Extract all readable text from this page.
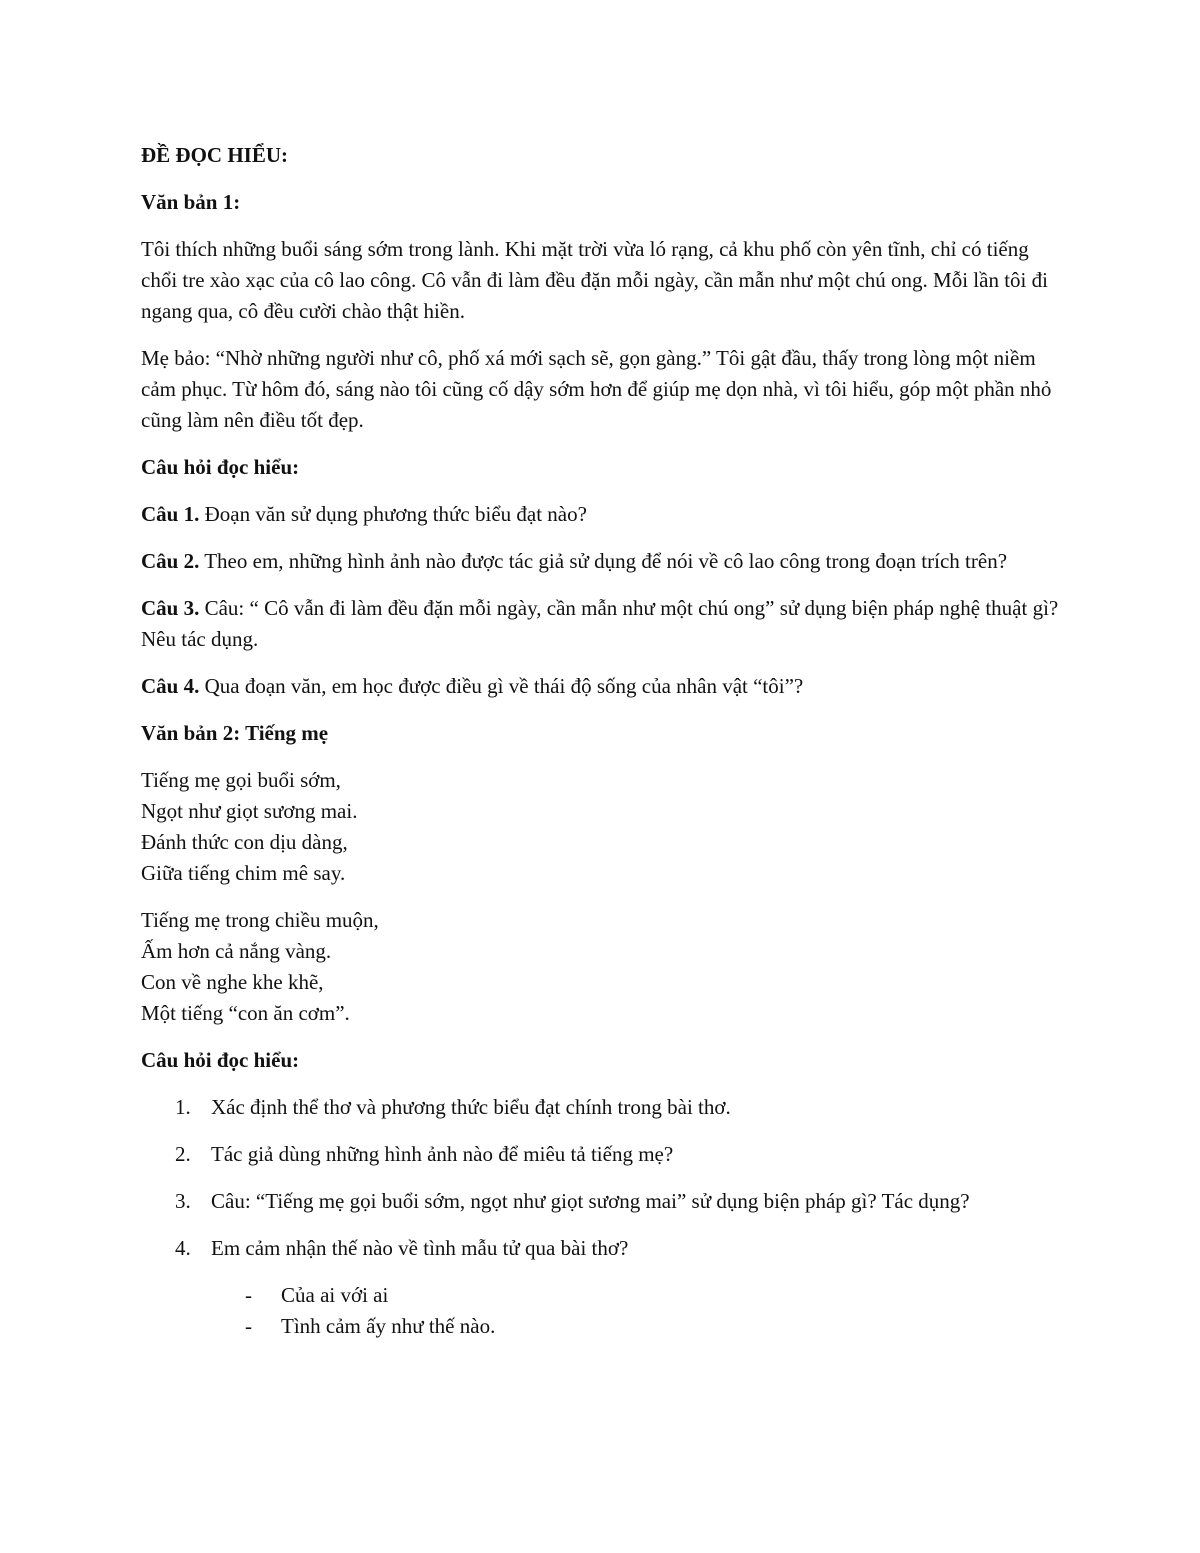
ĐỀ ĐỌC HIỂU:
Văn bản 1:

Tôi thích những buổi sáng sớm trong lành. Khi mặt trời vừa ló rạng, cả khu phố còn yên tĩnh, chỉ có tiếng chổi tre xào xạc của cô lao công. Cô vẫn đi làm đều đặn mỗi ngày, cần mẫn như một chú ong. Mỗi lần tôi đi ngang qua, cô đều cười chào thật hiền.

Mẹ bảo: “Nhờ những người như cô, phố xá mới sạch sẽ, gọn gàng.” Tôi gật đầu, thấy trong lòng một niềm cảm phục. Từ hôm đó, sáng nào tôi cũng cố dậy sớm hơn để giúp mẹ dọn nhà, vì tôi hiểu, góp một phần nhỏ cũng làm nên điều tốt đẹp.

Câu hỏi đọc hiểu:

Câu 1. Đoạn văn sử dụng phương thức biểu đạt nào?

Câu 2. Theo em, những hình ảnh nào được tác giả sử dụng để nói về cô lao công trong đoạn trích trên?

Câu 3. Câu: “ Cô vẫn đi làm đều đặn mỗi ngày, cần mẫn như một chú ong” sử dụng biện pháp nghệ thuật gì? Nêu tác dụng.

Câu 4. Qua đoạn văn, em học được điều gì về thái độ sống của nhân vật “tôi”?

Văn bản 2: Tiếng mẹ
Tiếng mẹ gọi buổi sớm,
Ngọt như giọt sương mai.
Đánh thức con dịu dàng,
Giữa tiếng chim mê say.
Tiếng mẹ trong chiều muộn,
Ấm hơn cả nắng vàng.
Con về nghe khe khẽ,
Một tiếng “con ăn cơm”.
Câu hỏi đọc hiểu:
1. Xác định thể thơ và phương thức biểu đạt chính trong bài thơ.
2. Tác giả dùng những hình ảnh nào để miêu tả tiếng mẹ?
3. Câu: “Tiếng mẹ gọi buổi sớm, ngọt như giọt sương mai” sử dụng biện pháp gì? Tác dụng?
4. Em cảm nhận thế nào về tình mẫu tử qua bài thơ?
- Của ai với ai
- Tình cảm ấy như thế nào.
